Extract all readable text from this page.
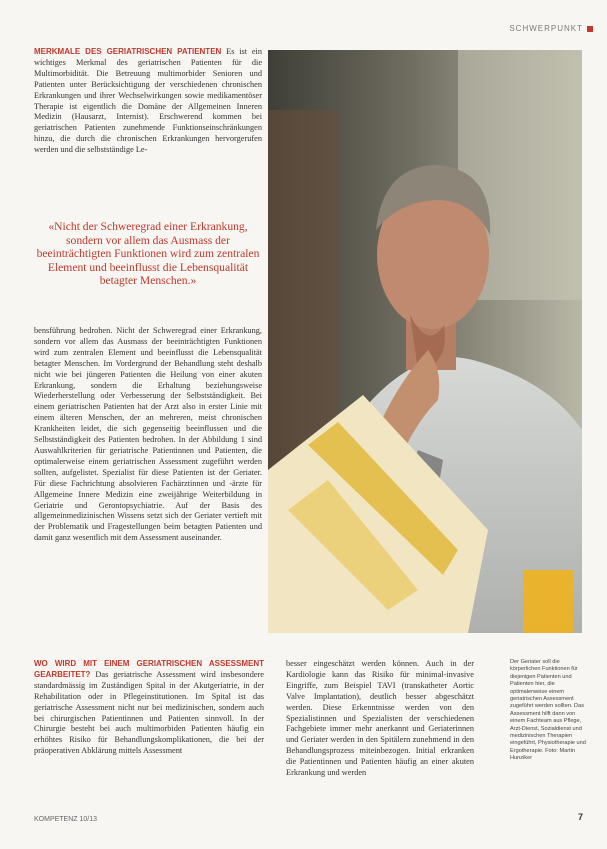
SCHWERPUNKT
MERKMALE DES GERIATRISCHEN PATIENTEN Es ist ein wichtiges Merkmal des geriatrischen Patienten für die Multimorbidität. Die Betreuung multimorbider Senioren und Patienten unter Berücksichtigung der verschiedenen chronischen Erkrankungen und ihrer Wechselwirkungen sowie medikamentöser Therapie ist eigentlich die Domäne der Allgemeinen Inneren Medizin (Hausarzt, Internist). Erschwerend kommen bei geriatrischen Patienten zunehmende Funktionseinschränkungen hinzu, die durch die chronischen Erkrankungen hervorgerufen werden und die selbstständige Le-
«Nicht der Schweregrad einer Erkrankung, sondern vor allem das Ausmass der beeinträchtigten Funktionen wird zum zentralen Element und beeinflusst die Lebensqualität betagter Menschen.»
bensführung bedrohen. Nicht der Schweregrad einer Erkrankung, sondern vor allem das Ausmass der beeinträchtigten Funktionen wird zum zentralen Element und beeinflusst die Lebensqualität betagter Menschen. Im Vordergrund der Behandlung steht deshalb nicht wie bei jüngeren Patienten die Heilung von einer akuten Erkrankung, sondern die Erhaltung beziehungsweise Wiederherstellung oder Verbesserung der Selbstständigkeit. Bei einem geriatrischen Patienten hat der Arzt also in erster Linie mit einem älteren Menschen, der an mehreren, meist chronischen Krankheiten leidet, die sich gegenseitig beeinflussen und die Selbstständigkeit des Patienten bedrohen. In der Abbildung 1 sind Auswahlkriterien für geriatrische Patientinnen und Patienten, die optimalerweise einem geriatrischen Assessment zugeführt werden sollten, aufgelistet. Spezialist für diese Patienten ist der Geriater. Für diese Fachrichtung absolvieren Fachärztinnen und -ärzte für Allgemeine Innere Medizin eine zweijährige Weiterbildung in Geriatrie und Gerontopsychiatrie. Auf der Basis des allgemeinmedizinischen Wissens setzt sich der Geriater vertieft mit der Problematik und Fragestellungen beim betagten Patienten und damit ganz wesentlich mit dem Assessment auseinander.
WO WIRD MIT EINEM GERIATRISCHEN ASSESSMENT GEARBEITET? Das geriatrische Assessment wird insbesondere standardmässig im Zuständigen Spital in der Akutgeriatrie, in der Rehabilitation oder in Pflegeinstitutionen. Im Spital ist das geriatrische Assessment nicht nur bei medizinischen, sondern auch bei chirurgischen Patientinnen und Patienten sinnvoll. In der Chirurgie besteht bei auch multimorbiden Patienten häufig ein erhöhtes Risiko für Behandlungskomplikationen, die bei der präoperativen Abklärung mittels Assessment
besser eingeschätzt werden können. Auch in der Kardiologie kann das Risiko für minimal-invasive Eingriffe, zum Beispiel TAVI (transkatheter Aortic Valve Implantation), deutlich besser abgeschätzt werden. Diese Erkenntnisse werden von den Spezialistinnen und Spezialisten der verschiedenen Fachgebiete immer mehr anerkannt und Geriaterinnen und Geriater werden in den Spitälern zunehmend in den Behandlungsprozess miteinbezogen. Initial erkranken die Patientinnen und Patienten häufig an einer akuten Erkrankung und werden
Der Geriater soll die körperlichen Funktionen für diejenigen Patienten und Patienten hier, die optimalerweise einem geriatrischen Assessment zugeführt werden sollten. Das Assessment hilft dann von einem Fachteam aus Pflege, Arzt-Dienst, Sozialdienst und medizinischen Therapien eingeführt, Physiotherapie und Ergotherapie. Foto: Martin Hunziker
KOMPETENZ 10/13	7
